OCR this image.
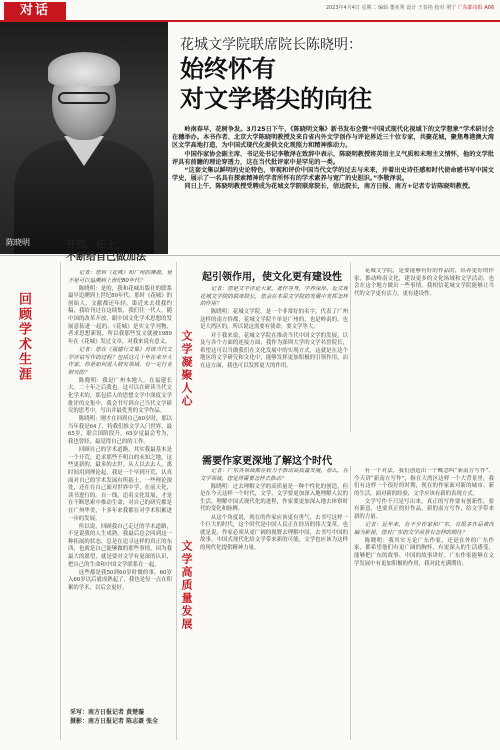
对话	2023年4月4日 星期二 编辑 董亚秀 设计 王春艳 校对 荆宁 广东都市报 A06
陈晓明
花城文学院联席院长陈晓明：
始终怀有
对文学塔尖的向往

岭南春早，花树争发。3月25日下午，《陈晓明文集》新书发布会暨“中国式现代化视域下的文学想象”学术研讨会在穗举办。本书作者、北京大学陈晓明教授及来自省内外文学创作与评论界近三十位专家，共聚花城，聚焦粤港澳大湾区文学高地打造，为中国式现代化提供文化观照力和精神推动力。

中国作家协会副主席、书记处书记李敬泽在致辞中表示，陈晓明教授将英语主义气质和未理主义情怀，他的文学批评具有前瞻的理论穿透力，这在当代批评家中是罕见的一类。

“这套文集以鲜明的史论特色，审视和评价中国当代文学的过去与未来，并着出史诗任感和时代使命感书写中国文学史，展示了一名具有探索精神的学者所怀有的学术素养与宽广的史胆识。”李敬泽说。

同日上午，陈晓明教授受聘成为花城文学院联席院长，信达院长，南方日报、南方+记者专访陈晓明教授。

回顾学术生涯	文学凝聚人心
文学高质量发展
开荒、拓土，
不断给自己做加法

记者：您和《花城》和广州的渊源，是不是可以追溯到上世纪80年代？

陈晓明：是的，我和花城出版社的联系最早追溯到上世纪80年代。那时《花城》的创始人、文献都还年轻。第近来去找我约稿，我给刊过在这续集，我们往一代人，随中国的改革开放，跟中国文化学术思想的发展意拓进一起的，《花城》是实文学刊物，者求思想新锐，所以我那些发文就被1989年在《花城》发过文章，对我来说有意义。

记者：您在《福建行文集》对谈当代文学评估写作的过程？包括这几十年在来开大作家，你是如何进入研究领域，有一定行业研究的？

陈晓明：我是广州本地人，在福建长大。二十年之后我也。这可以在研读当代文化学术的，那包括人的思想文学中深度文学批评的交集中，我会书写到自己当代文学研究的思考中，写出并最优秀的文学作品。

陈晓明：刚才在回到自己60岁时，那以当年我是64了，特我们推文学入门世界，最65岁，联合国阶段升，65岁觉最会考为，我也曾经，最觉得自己的的工作。

回顾自己的学术道路，其实我最基本是一个开荒，追求那些不明白的未知之地，这些更新的，最多的去世。从人以去去人，离时间用到理论起，我是一个早到开荒，认真面对自己的学术发展有所拓土，一些理论深处，还在在自己面对世界中学，在前天化，读书进行的。自一线，追着文化发展，才是在不断思索中推动生命，对自己的研究都是在广州华美，十多年来我都在对学术积累进一步的发展。

所以说，回顾我自己走过的学术道路，不是说我的人生成熟，我最后总会回到这一种拓展的状态，总是在追寻这样的真正的东西，也就是自己能够做的那些事情，因为我最大的愿望，就是要对文学有更深的认识，把自己的生命和中国文学联系在一起。

这些都是我50到60岁时做的事，60岁入60岁以后就成熟起了，我也是每一点在积累的学术，以后会更好。

起引领作用，使文化更有建设性

记者：您是文学评论大家，著作等身，学养深厚。近文观花城文学院的联席院长，您会在本届文学院的发展中发挥怎样的作用？

陈晓明：花城文学院，是一个非常好的名字，代表了广州这样的南方侨都，花城文学院不单是广州的，也是岭南的，也是大湾区的，所以说这需要有使命，要文学等大。

对于我来说，花城文学院在推动当代中国文学的发展，以及与各个方面的连接方面，我作为深圳大学的文学名誉院长，希望这可以当做我们在文化发展中的实现方式，这就是在这个地区的文学研究和文化中，能够发挥更加积极的引领作用，而在这方面，我也可以发挥更大的作用。

花城文学院，是要能够有好的作品的，培养更好的作家，推动岭南文化，建设更多的文化场域和文学活动，也会在这个地方做出一些事情。我相信花城文学院能够让当代的文学更有活力，更有建设性。

需要作家更深地了解这个时代

记者：广东各领域都在致力于推动高质量发展，那么，在文学领域，您觉得需要怎样去推动？

陈晓明：过去理解文学的高质量是一种个性化的创造。但是在今天这样一个时代，文学、文学要更加深入地理解人民的生活、理解中国式现代化的进程，作家要更加深入地去体察时代的变化和脉搏。

从这个角度说，现在的作家应该更有勇气，去书写这样一个巨大的时代，这个时代是中国人民正在经历的伟大变革。也就是说，作家必须从更广阔的视野去理解中国，去书写中国的故事。中国式现代化给文学带来新的可能，文学也应该为这样的现代化提供精神力量。

有一个对法，我们创造出一个概念叫“新南方写作”，今天讲“新南方写作”，指在大湾区这样一个大背景里，我们有这样一个很好的时期，现在的作家面对新的城市、新的生活，面对新的经验，文学应该有新的表现方式。

文学写作不只是写出来，真正的写作要有创新性，要有新意，也要真正的好作品，新的南方写作，给文学带来新的力量。

记者：近年来，有不少作家和广东，有很多作品被改编为影视，您对广东的文学前景有怎样的期待？

陈晓明：我其实无论广东作家，还是在外的广东作家，都希望他们有更广阔的胸怀，有更深入的生活感受，能够把广东的故事、中国的故事讲好。广东作家能够在文学发展中有更加积极的作用，我对此充满期待。

采写：南方日报记者 黄楚璇
摄影：南方日报记者 陈志豪 张全
